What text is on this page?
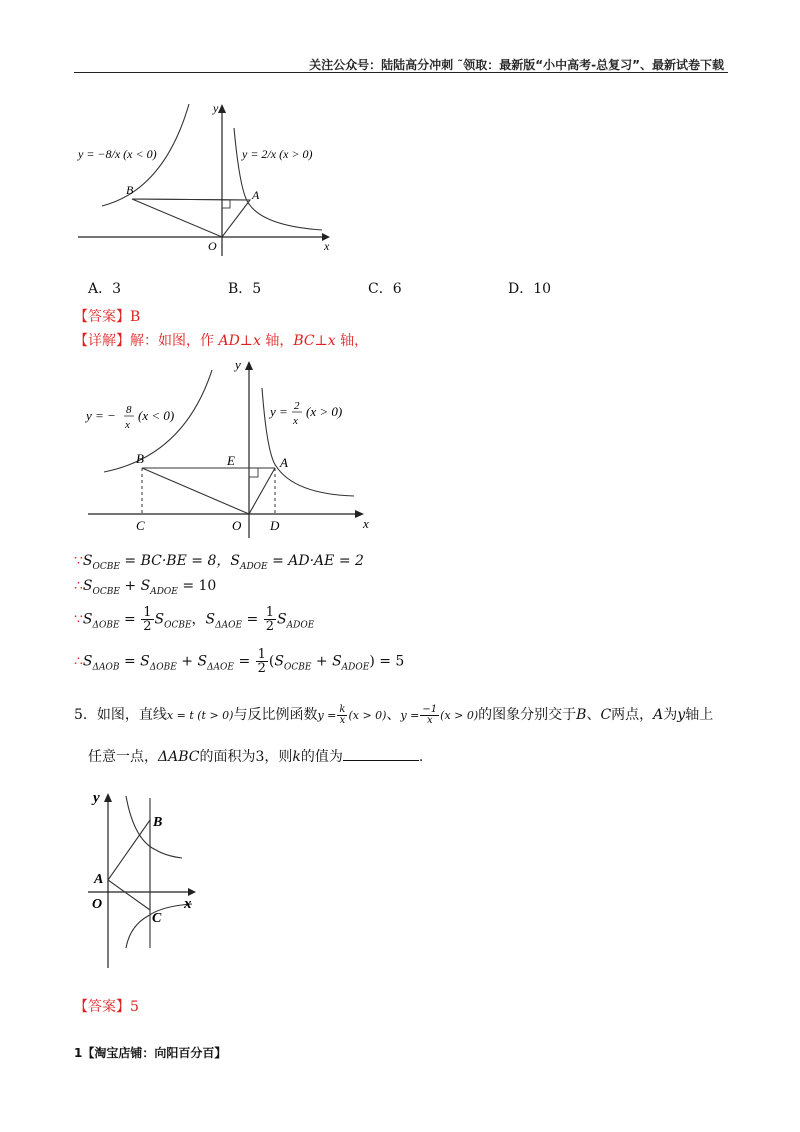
关注公众号：陆陆高分冲刺 ˜领取：最新版“小中高考-总复习”、最新试卷下载
y
x
B	A
O
y = −8/x (x < 0)	y = 2/x (x > 0)
A．3	B．5	C．6	D．10
【答案】B
【详解】解：如图，作 AD⊥x 轴，BC⊥x 轴，
y
x
B	E	A
C	O D
y = − 8
x
(x < 0)	y = 2
x
(x > 0)
$\because S_{OCBE} = BC\cdot BE = 8$，$S_{ADOE} = AD\cdot AE = 2$
$\therefore S_{OCBE} + S_{ADOE} = 10$
$\because S_{\Delta OBE} = \frac{1}{2} S_{OCBE}$，$S_{\Delta AOE} = \frac{1}{2} S_{ADOE}$
$\therefore S_{\Delta AOB} = S_{\Delta OBE} + S_{\Delta AOE} = \frac{1}{2} (S_{OCBE} + S_{ADOE}) = 5$
5．如图，直线x = t (t > 0)与反比例函数$y = \frac{k}{x} (x > 0)$、$y = \frac{-1}{x} (x > 0)$的图象分别交于B、C两点，A为y轴上
任意一点，ΔABC的面积为3，则k的值为	.
y
x
B
A
O
C
【答案】5
1【淘宝店铺：向阳百分百】
